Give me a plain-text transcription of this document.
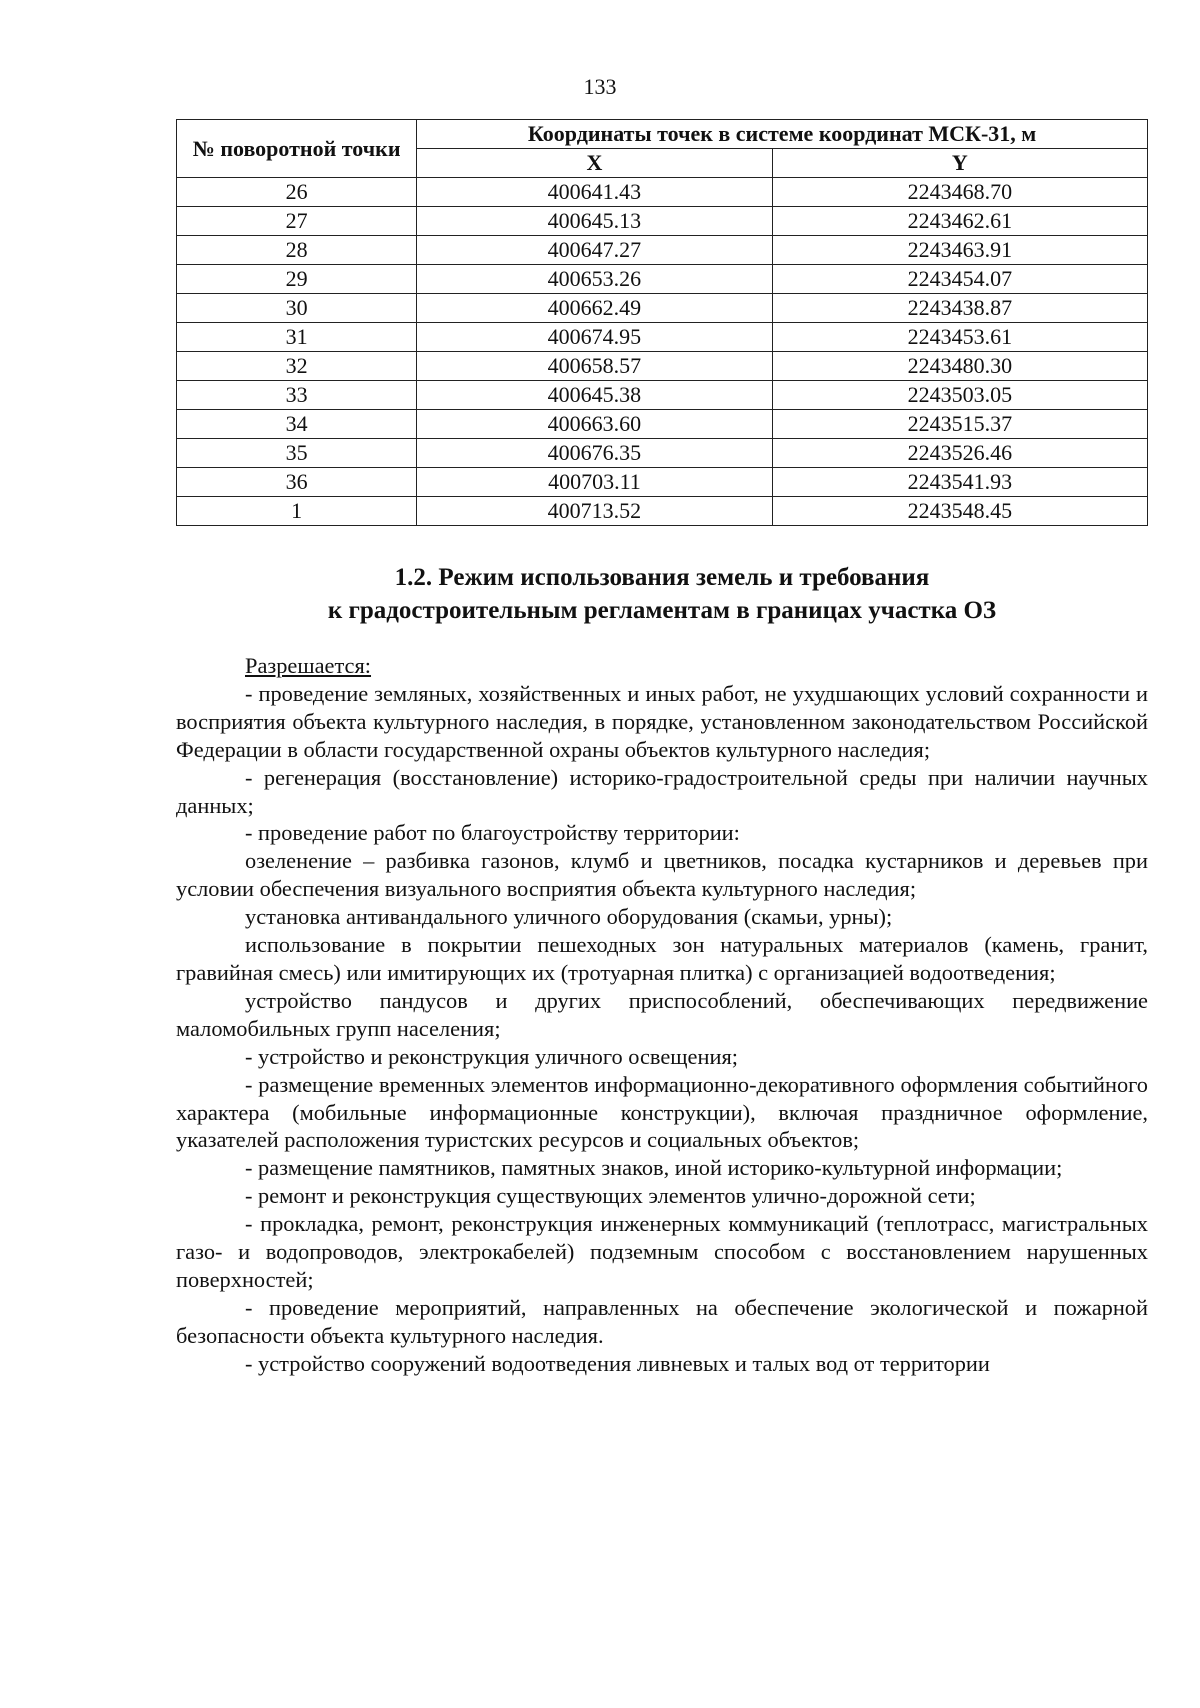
133
№ поворотной точки	Координаты точек в системе координат МСК-31, м	
	X	Y
26	400641.43	2243468.70
27	400645.13	2243462.61
28	400647.27	2243463.91
29	400653.26	2243454.07
30	400662.49	2243438.87
31	400674.95	2243453.61
32	400658.57	2243480.30
33	400645.38	2243503.05
34	400663.60	2243515.37
35	400676.35	2243526.46
36	400703.11	2243541.93
1	400713.52	2243548.45
1.2. Режим использования земель и требования
к градостроительным регламентам в границах участка ОЗ

Разрешается:

- проведение земляных, хозяйственных и иных работ, не ухудшающих условий сохранности и восприятия объекта культурного наследия, в порядке, установленном законодательством Российской Федерации в области государственной охраны объектов культурного наследия;

- регенерация (восстановление) историко-градостроительной среды при наличии научных данных;

- проведение работ по благоустройству территории:

озеленение – разбивка газонов, клумб и цветников, посадка кустарников и деревьев при условии обеспечения визуального восприятия объекта культурного наследия;

установка антивандального уличного оборудования (скамьи, урны);

использование в покрытии пешеходных зон натуральных материалов (камень, гранит, гравийная смесь) или имитирующих их (тротуарная плитка) с организацией водоотведения;

устройство пандусов и других приспособлений, обеспечивающих передвижение маломобильных групп населения;

- устройство и реконструкция уличного освещения;

- размещение временных элементов информационно-декоративного оформления событийного характера (мобильные информационные конструкции), включая праздничное оформление, указателей расположения туристских ресурсов и социальных объектов;

- размещение памятников, памятных знаков, иной историко-культурной информации;

- ремонт и реконструкция существующих элементов улично-дорожной сети;

- прокладка, ремонт, реконструкция инженерных коммуникаций (теплотрасс, магистральных газо- и водопроводов, электрокабелей) подземным способом с восстановлением нарушенных поверхностей;

- проведение мероприятий, направленных на обеспечение экологической и пожарной безопасности объекта культурного наследия.

- устройство сооружений водоотведения ливневых и талых вод от территории
